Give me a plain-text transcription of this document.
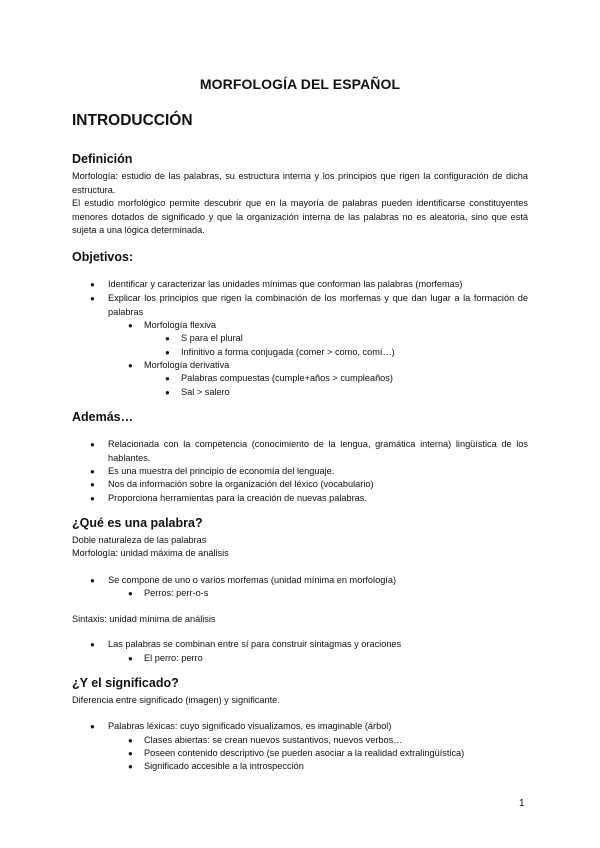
MORFOLOGÍA DEL ESPAÑOL
INTRODUCCIÓN
Definición
Morfología: estudio de las palabras, su estructura interna y los principios que rigen la configuración de dicha estructura.
El estudio morfológico permite descubrir que en la mayoría de palabras pueden identificarse constituyentes menores dotados de significado y que la organización interna de las palabras no es aleatoria, sino que está sujeta a una lógica determinada.
Objetivos:
● Identificar y caracterizar las unidades mínimas que conforman las palabras (morfemas)
● Explicar los principios que rigen la combinación de los morfemas y que dan lugar a la formación de palabras
● Morfología flexiva
● S para el plural
● Infinitivo a forma conjugada (comer > como, comí…)
● Morfología derivativa
● Palabras compuestas (cumple+años > cumpleaños)
● Sal > salero
Además…
● Relacionada con la competencia (conocimiento de la lengua, gramática interna) lingüística de los hablantes.
● Es una muestra del principio de economía del lenguaje.
● Nos da información sobre la organización del léxico (vocabulario)
● Proporciona herramientas para la creación de nuevas palabras.
¿Qué es una palabra?
Doble naturaleza de las palabras
Morfología: unidad máxima de análisis
● Se compone de uno o varios morfemas (unidad mínima en morfología)
● Perros: perr-o-s
Sintaxis: unidad mínima de análisis
● Las palabras se combinan entre sí para construir sintagmas y oraciones
● El perro: perro
¿Y el significado?
Diferencia entre significado (imagen) y significante.
● Palabras léxicas: cuyo significado visualizamos, es imaginable (árbol)
● Clases abiertas: se crean nuevos sustantivos, nuevos verbos…
● Poseen contenido descriptivo (se pueden asociar a la realidad extralingüística)
● Significado accesible a la introspección
1
